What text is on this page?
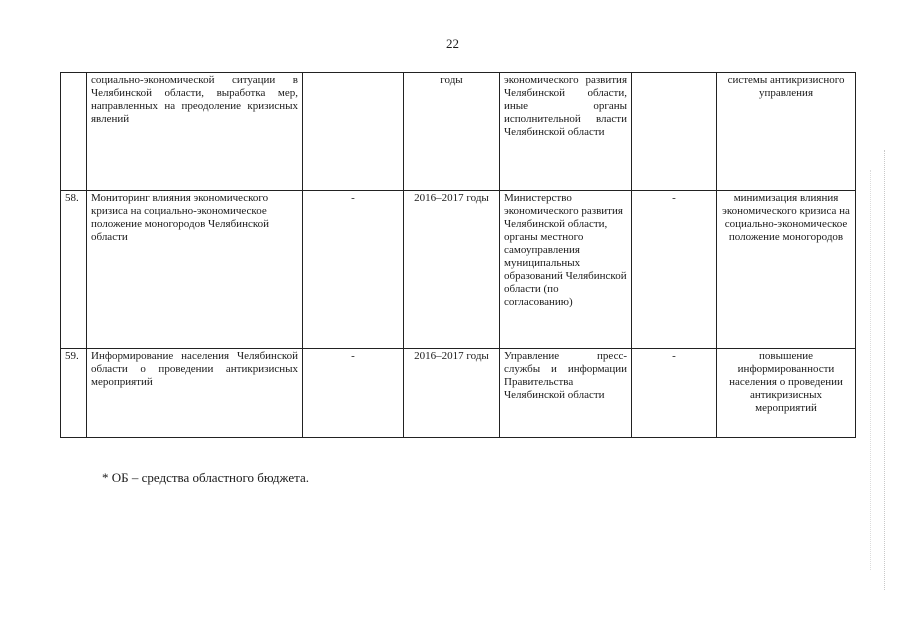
22
	социально-экономической ситуации в Челябинской области, выработка мер, направленных на преодоление кризисных явлений		годы	экономического развития Челябинской области, иные органы исполнительной власти Челябинской области		системы антикризисного управления
58.	Мониторинг влияния экономического кризиса на социально-экономическое положение моногородов Челябинской области	-	2016–2017 годы	Министерство экономического развития Челябинской области, органы местного самоуправления муниципальных образований Челябинской области (по согласованию)	-	минимизация влияния экономического кризиса на социально-экономическое положение моногородов
59.	Информирование населения Челябинской области о проведении антикризисных мероприятий	-	2016–2017 годы	Управление пресс-службы и информации Правительства Челябинской области	-	повышение информированности населения о проведении антикризисных мероприятий
* ОБ – средства областного бюджета.
